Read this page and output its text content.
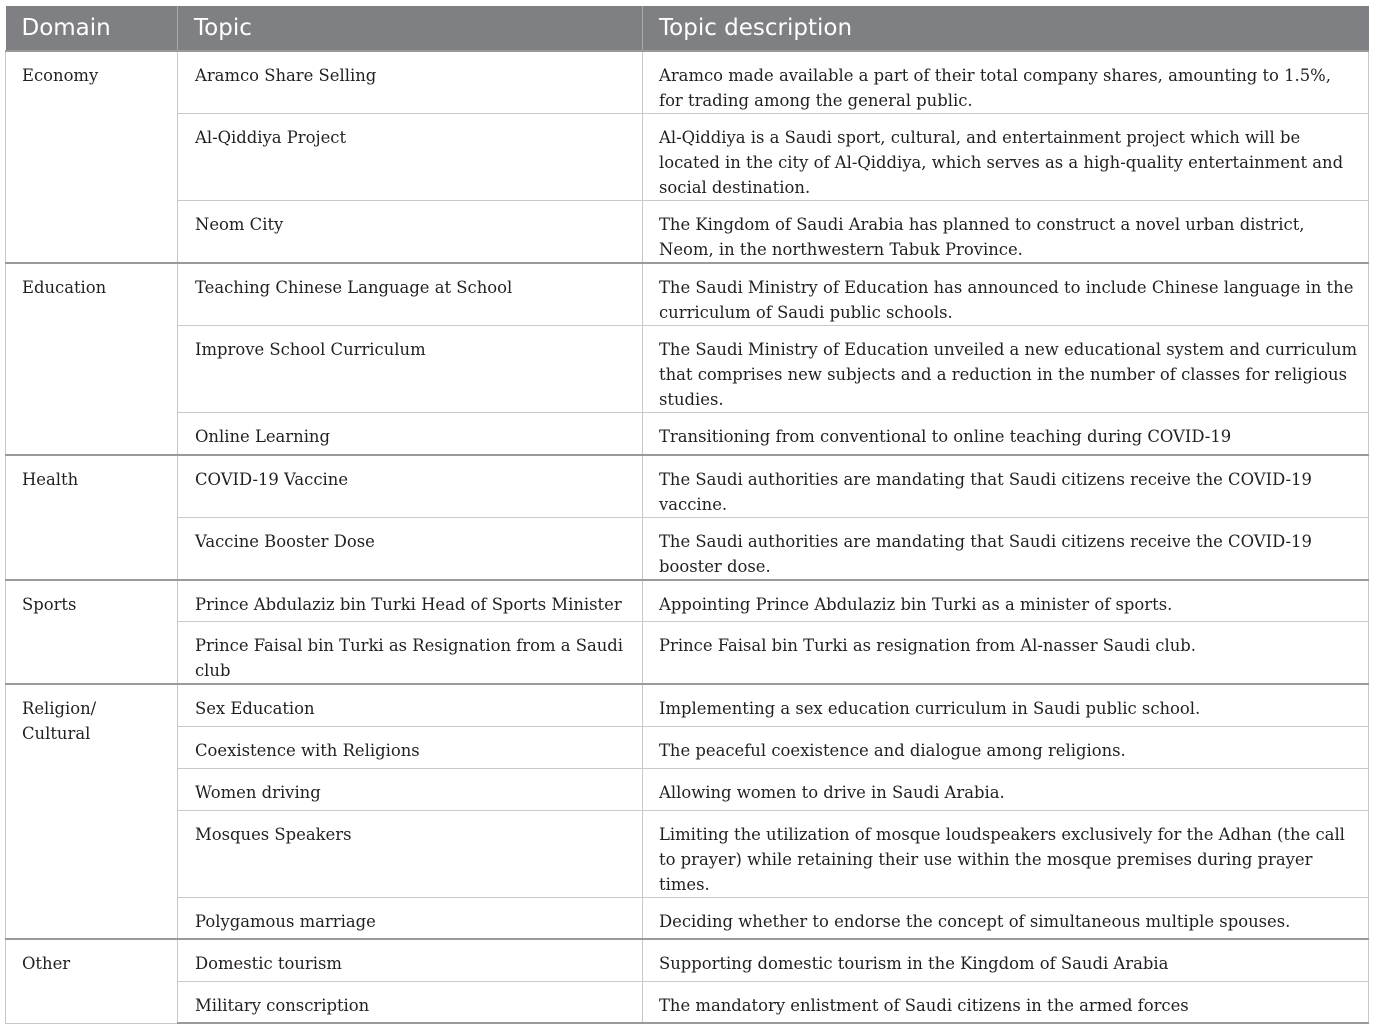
Domain	Topic	Topic description
Economy	Aramco Share Selling	Aramco made available a part of their total company shares, amounting to 1.5%, for trading among the general public.
	Al-Qiddiya Project	Al-Qiddiya is a Saudi sport, cultural, and entertainment project which will be located in the city of Al-Qiddiya, which serves as a high-quality entertainment and social destination.
	Neom City	The Kingdom of Saudi Arabia has planned to construct a novel urban district, Neom, in the northwestern Tabuk Province.
Education	Teaching Chinese Language at School	The Saudi Ministry of Education has announced to include Chinese language in the curriculum of Saudi public schools.
	Improve School Curriculum	The Saudi Ministry of Education unveiled a new educational system and curriculum that comprises new subjects and a reduction in the number of classes for religious studies.
	Online Learning	Transitioning from conventional to online teaching during COVID-19
Health	COVID-19 Vaccine	The Saudi authorities are mandating that Saudi citizens receive the COVID-19 vaccine.
	Vaccine Booster Dose	The Saudi authorities are mandating that Saudi citizens receive the COVID-19 booster dose.
Sports	Prince Abdulaziz bin Turki Head of Sports Minister	Appointing Prince Abdulaziz bin Turki as a minister of sports.
	Prince Faisal bin Turki as Resignation from a Saudi club	Prince Faisal bin Turki as resignation from Al-nasser Saudi club.
Religion/ Cultural	Sex Education	Implementing a sex education curriculum in Saudi public school.
	Coexistence with Religions	The peaceful coexistence and dialogue among religions.
	Women driving	Allowing women to drive in Saudi Arabia.
	Mosques Speakers	Limiting the utilization of mosque loudspeakers exclusively for the Adhan (the call to prayer) while retaining their use within the mosque premises during prayer times.
	Polygamous marriage	Deciding whether to endorse the concept of simultaneous multiple spouses.
Other	Domestic tourism	Supporting domestic tourism in the Kingdom of Saudi Arabia
	Military conscription	The mandatory enlistment of Saudi citizens in the armed forces
